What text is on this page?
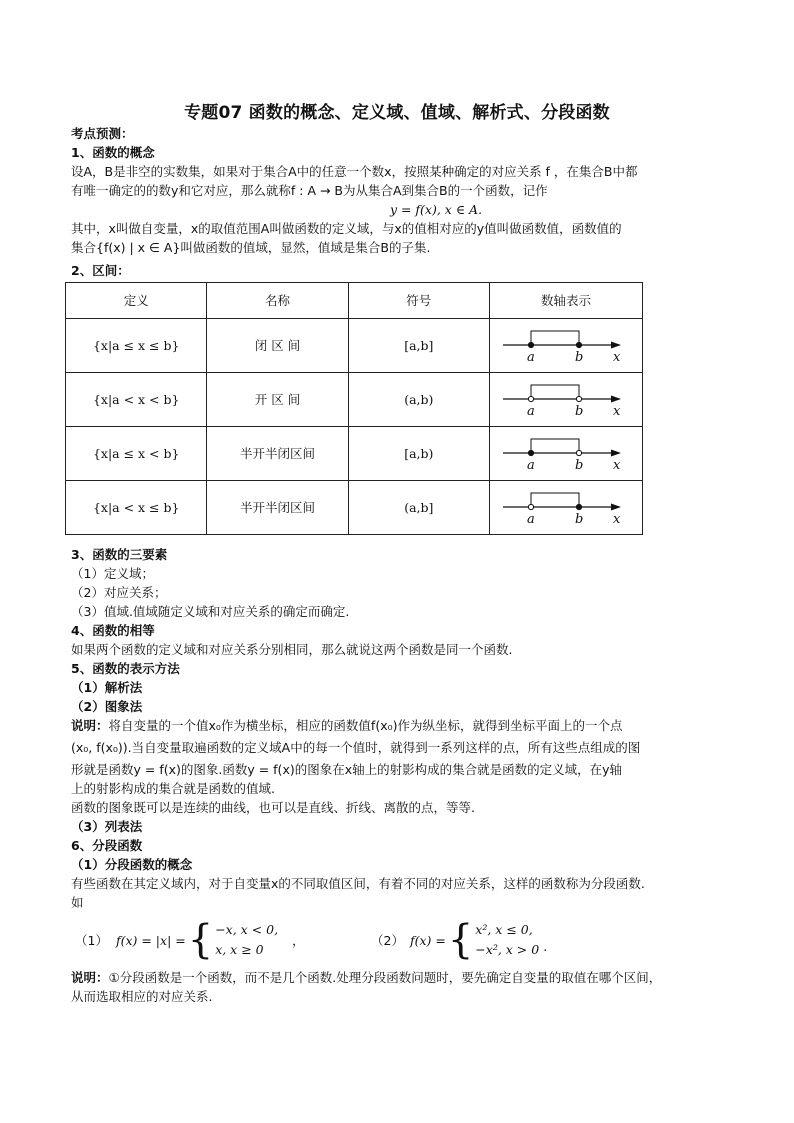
专题07 函数的概念、定义域、值域、解析式、分段函数
考点预测：
1、函数的概念
设A，B是非空的实数集，如果对于集合A中的任意一个数x，按照某种确定的对应关系 f ，在集合B中都
有唯一确定的的数y和它对应，那么就称f : A → B为从集合A到集合B的一个函数，记作
y = f(x), x ∈ A.
其中，x叫做自变量，x的取值范围A叫做函数的定义域，与x的值相对应的y值叫做函数值，函数值的
集合{f(x) | x ∈ A}叫做函数的值域，显然，值域是集合B的子集.
2、区间：
定义	名称	符号	数轴表示
{x|a ≤ x ≤ b}	闭 区 间	[a,b]	a b x

{x|a < x < b}	开 区 间	(a,b)	a b x

{x|a ≤ x < b}	半开半闭区间	[a,b)	a b x

{x|a < x ≤ b}	半开半闭区间	(a,b]	a b x
3、函数的三要素
（1）定义域；
（2）对应关系；
（3）值域.值域随定义域和对应关系的确定而确定.
4、函数的相等
如果两个函数的定义域和对应关系分别相同，那么就说这两个函数是同一个函数.
5、函数的表示方法
（1）解析法
（2）图象法
说明：将自变量的一个值x₀作为横坐标，相应的函数值f(x₀)作为纵坐标，就得到坐标平面上的一个点
(x₀, f(x₀)).当自变量取遍函数的定义域A中的每一个值时，就得到一系列这样的点，所有这些点组成的图
形就是函数y = f(x)的图象.函数y = f(x)的图象在x轴上的射影构成的集合就是函数的定义域，在y轴
上的射影构成的集合就是函数的值域.
函数的图象既可以是连续的曲线，也可以是直线、折线、离散的点，等等.
（3）列表法
6、分段函数
（1）分段函数的概念
有些函数在其定义域内，对于自变量x的不同取值区间，有着不同的对应关系，这样的函数称为分段函数.
如
（1） f(x) = |x| = { −x, x < 0,
x, x ≥ 0
，	（2） f(x) = { x², x ≤ 0,
−x², x > 0 .
说明：①分段函数是一个函数，而不是几个函数.处理分段函数问题时，要先确定自变量的取值在哪个区间，
从而选取相应的对应关系.
